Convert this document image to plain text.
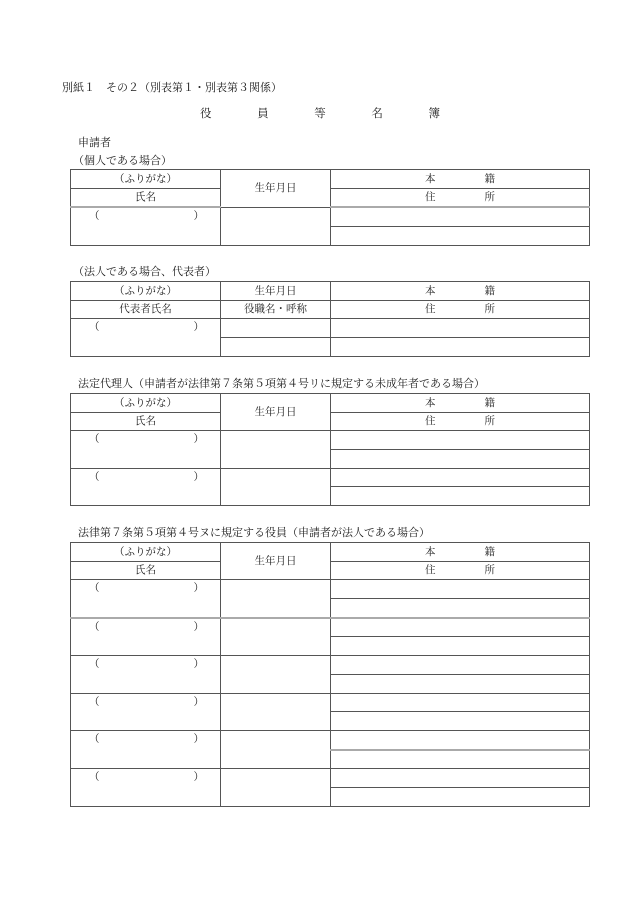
別紙１　その２（別表第１・別表第３関係）
役	員	等	名	簿
申請者
（個人である場合）
（ふりがな）	生年月日	本 籍

氏名		住 所

（ ）		

（法人である場合、代表者）
（ふりがな）	生年月日	本 籍

代表者氏名	役職名・呼称	住 所

（ ）		

法定代理人（申請者が法律第７条第５項第４号リに規定する未成年者である場合）
（ふりがな）	生年月日	本 籍

氏名		住 所

（ ）		

（ ）		

法律第７条第５項第４号ヌに規定する役員（申請者が法人である場合）
（ふりがな）	生年月日	本 籍

氏名		住 所

（ ）		

（ ）		

（ ）		

（ ）		

（ ）		

（ ）		
